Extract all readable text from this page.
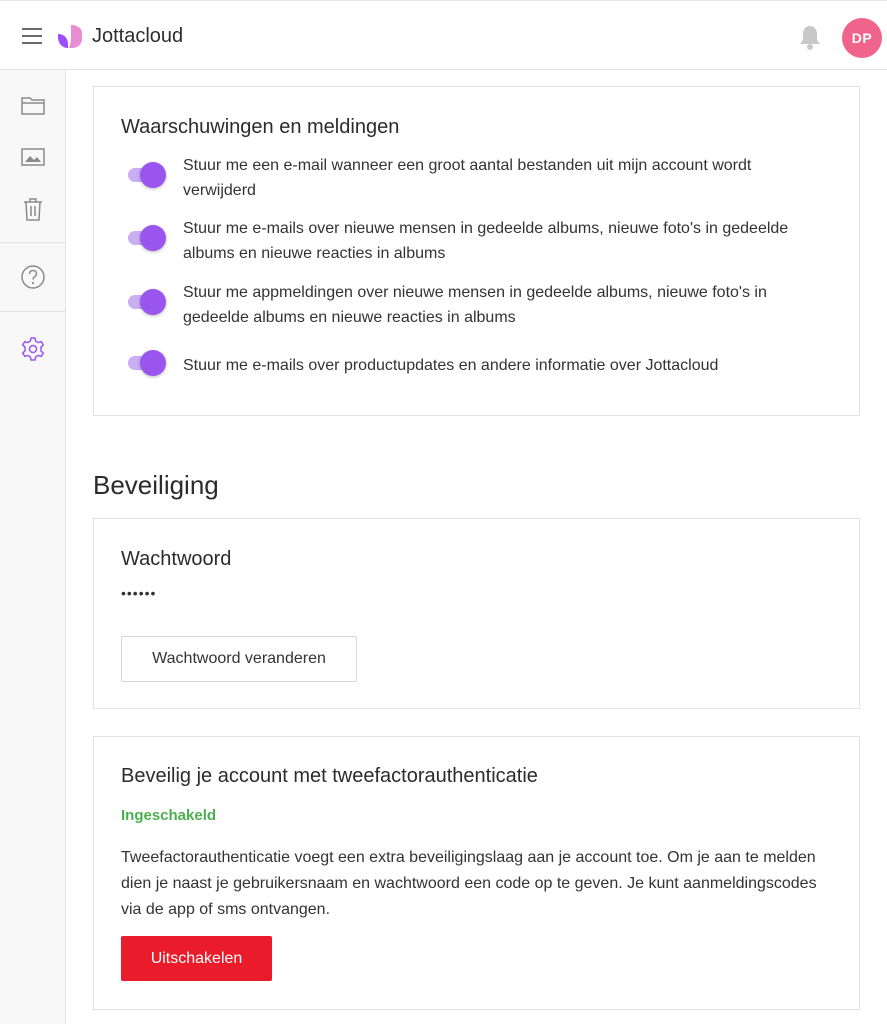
Jottacloud	DP
Waarschuwingen en meldingen
Stuur me een e-mail wanneer een groot aantal bestanden uit mijn account wordt verwijderd
Stuur me e-mails over nieuwe mensen in gedeelde albums, nieuwe foto's in gedeelde albums en nieuwe reacties in albums
Stuur me appmeldingen over nieuwe mensen in gedeelde albums, nieuwe foto's in gedeelde albums en nieuwe reacties in albums
Stuur me e-mails over productupdates en andere informatie over Jottacloud
Beveiliging
Wachtwoord
••••••
Wachtwoord veranderen
Beveilig je account met tweefactorauthenticatie
Ingeschakeld
Tweefactorauthenticatie voegt een extra beveiligingslaag aan je account toe. Om je aan te melden dien je naast je gebruikersnaam en wachtwoord een code op te geven. Je kunt aanmeldingscodes via de app of sms ontvangen.
Uitschakelen
